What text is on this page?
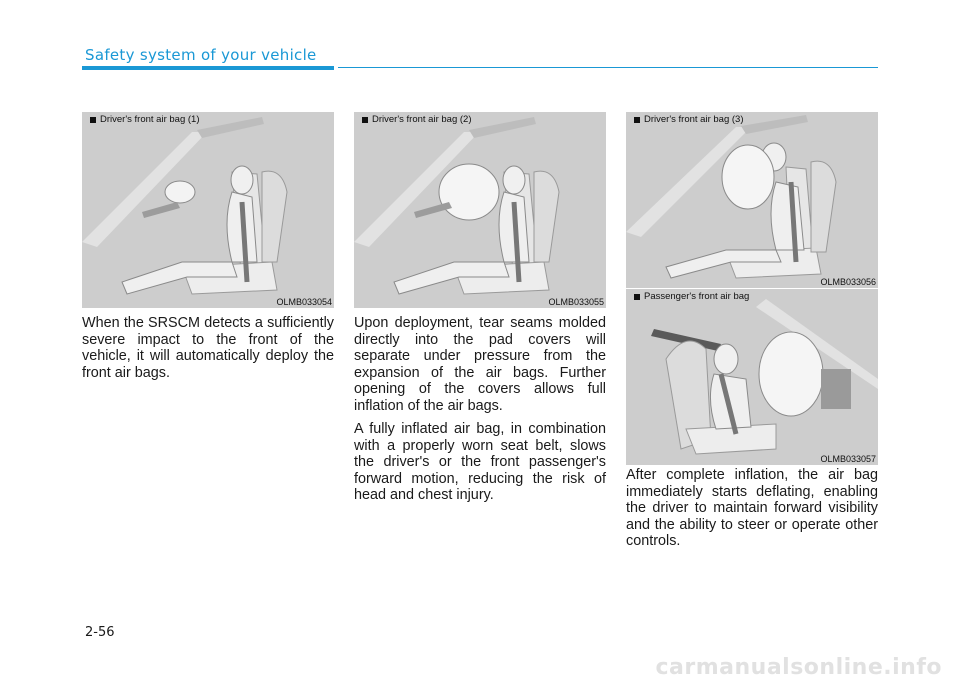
Safety system of your vehicle
Driver's front air bag (1)
OLMB033054
Driver's front air bag (2)
OLMB033055
Driver's front air bag (3)
OLMB033056
Passenger's front air bag
OLMB033057

When the SRSCM detects a sufficiently severe impact to the front of the vehicle, it will automatically deploy the front air bags.

Upon deployment, tear seams molded directly into the pad covers will separate under pressure from the expansion of the air bags. Further opening of the covers allows full inflation of the air bags.

A fully inflated air bag, in combination with a properly worn seat belt, slows the driver's or the front passenger's forward motion, reducing the risk of head and chest injury.

After complete inflation, the air bag immediately starts deflating, enabling the driver to maintain forward visibility and the ability to steer or operate other controls.

2-56
carmanualsonline.info
